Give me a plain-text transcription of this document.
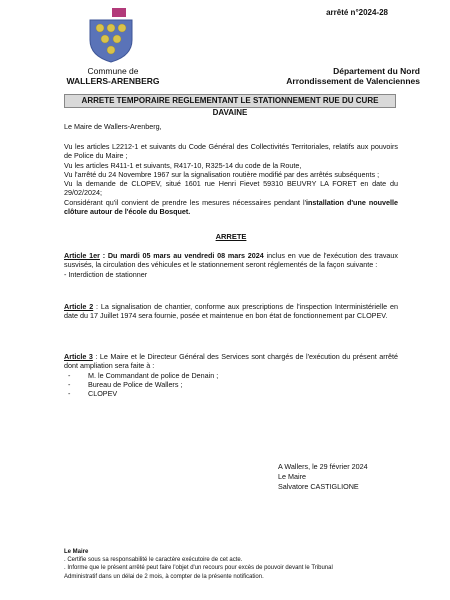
arrêté n°2024-28
Commune de
WALLERS-ARENBERG
Département du Nord
Arrondissement de Valenciennes
ARRETE TEMPORAIRE REGLEMENTANT LE STATIONNEMENT RUE DU CURE DAVAINE
Le Maire de Wallers-Arenberg,
Vu les articles L2212-1 et suivants du Code Général des Collectivités Territoriales, relatifs aux pouvoirs de Police du Maire ;
Vu les articles R411-1 et suivants, R417-10, R325-14 du code de la Route,
Vu l'arrêté du 24 Novembre 1967 sur la signalisation routière modifié par des arrêtés subséquents ;
Vu la demande de CLOPEV, situé 1601 rue Henri Fievet 59310 BEUVRY LA FORET en date du 29/02/2024;
Considérant qu'il convient de prendre les mesures nécessaires pendant l'installation d'une nouvelle clôture autour de l'école du Bosquet.
ARRETE
Article 1er : Du mardi 05 mars au vendredi 08 mars 2024 inclus en vue de l'exécution des travaux susvisés, la circulation des véhicules et le stationnement seront réglementés de la façon suivante :
- Interdiction de stationner
Article 2 : La signalisation de chantier, conforme aux prescriptions de l'inspection Interministérielle en date du 17 Juillet 1974 sera fournie, posée et maintenue en bon état de fonctionnement par CLOPEV.
Article 3 : Le Maire et le Directeur Général des Services sont chargés de l'exécution du présent arrêté dont ampliation sera faite à :
- M. le Commandant de police de Denain ;
- Bureau de Police de Wallers ;
- CLOPEV
A Wallers, le 29 février 2024
Le Maire
Salvatore CASTIGLIONE
Le Maire
. Certifie sous sa responsabilité le caractère exécutoire de cet acte.
. Informe que le présent arrêté peut faire l'objet d'un recours pour excès de pouvoir devant le Tribunal
Administratif dans un délai de 2 mois, à compter de la présente notification.
